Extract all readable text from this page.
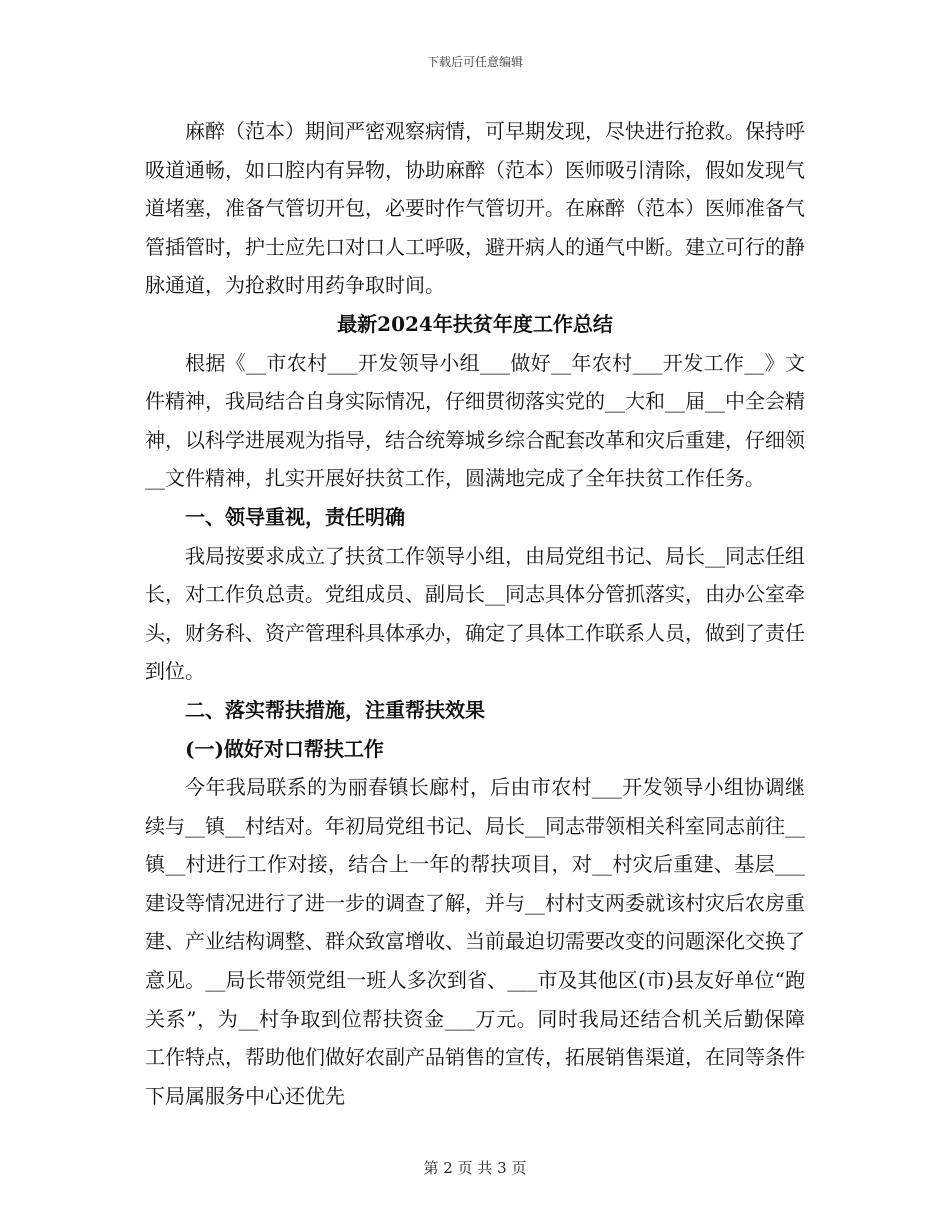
下载后可任意编辑

麻醉（范本）期间严密观察病情，可早期发现，尽快进行抢救。保持呼吸道通畅，如口腔内有异物，协助麻醉（范本）医师吸引清除，假如发现气道堵塞，准备气管切开包，必要时作气管切开。在麻醉（范本）医师准备气管插管时，护士应先口对口人工呼吸，避开病人的通气中断。建立可行的静脉通道，为抢救时用药争取时间。

最新2024年扶贫年度工作总结

根据《__市农村___开发领导小组___做好__年农村___开发工作__》文件精神，我局结合自身实际情况，仔细贯彻落实党的__大和__届__中全会精神，以科学进展观为指导，结合统筹城乡综合配套改革和灾后重建，仔细领__文件精神，扎实开展好扶贫工作，圆满地完成了全年扶贫工作任务。

一、领导重视，责任明确

我局按要求成立了扶贫工作领导小组，由局党组书记、局长__同志任组长，对工作负总责。党组成员、副局长__同志具体分管抓落实，由办公室牵头，财务科、资产管理科具体承办，确定了具体工作联系人员，做到了责任到位。

二、落实帮扶措施，注重帮扶效果

(一)做好对口帮扶工作

今年我局联系的为丽春镇长廊村，后由市农村___开发领导小组协调继续与__镇__村结对。年初局党组书记、局长__同志带领相关科室同志前往__镇__村进行工作对接，结合上一年的帮扶项目，对__村灾后重建、基层___建设等情况进行了进一步的调查了解，并与__村村支两委就该村灾后农房重建、产业结构调整、群众致富增收、当前最迫切需要改变的问题深化交换了意见。__局长带领党组一班人多次到省、___市及其他区(市)县友好单位“跑关系”，为__村争取到位帮扶资金___万元。同时我局还结合机关后勤保障工作特点，帮助他们做好农副产品销售的宣传，拓展销售渠道，在同等条件下局属服务中心还优先

第 2 页 共 3 页
